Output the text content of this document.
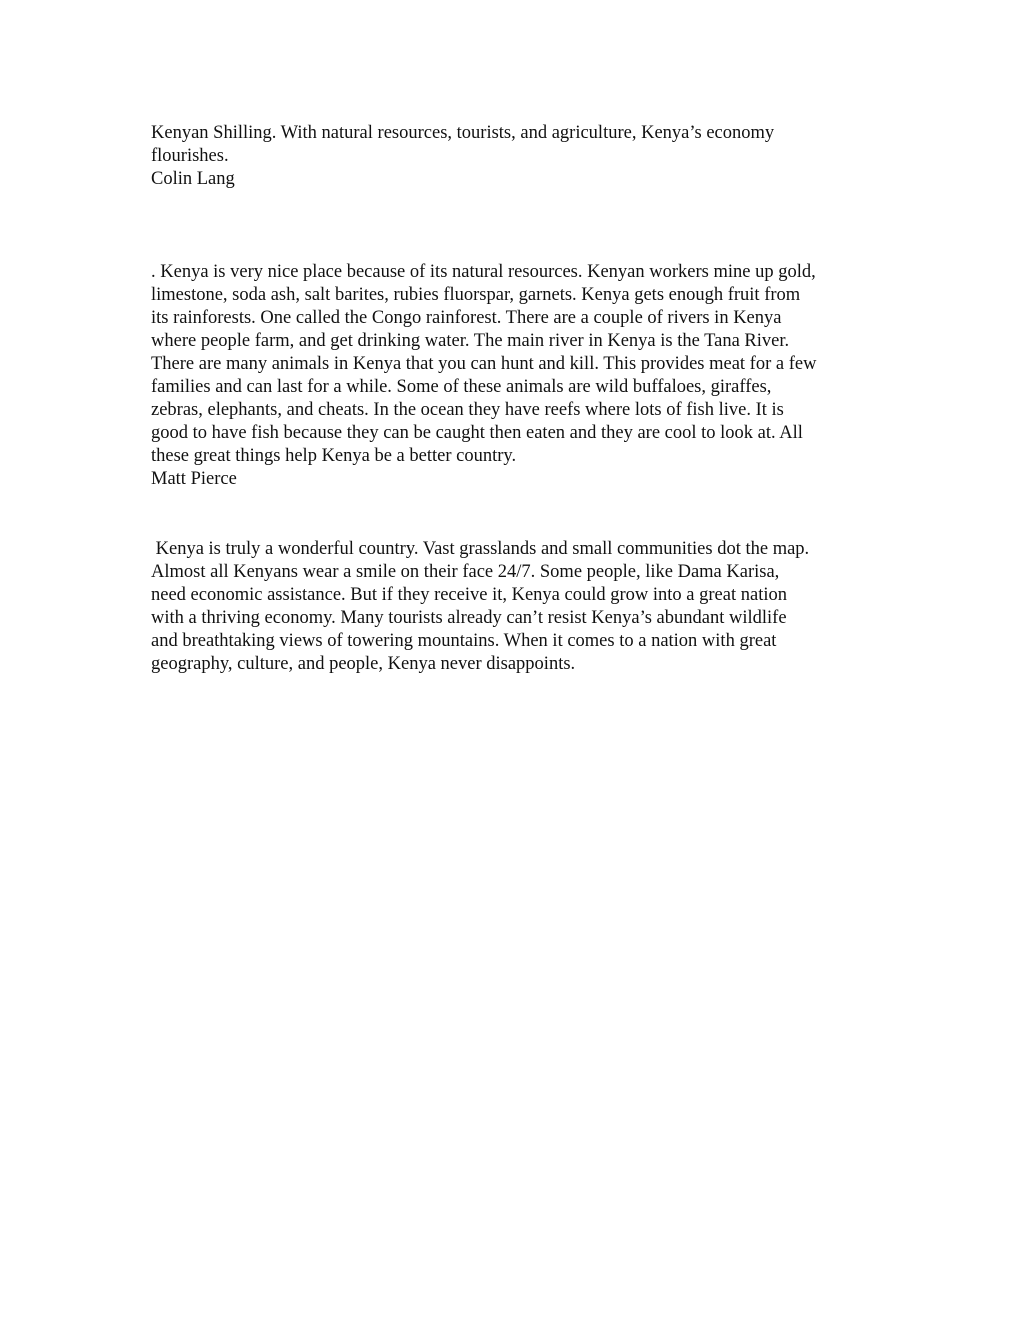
Kenyan Shilling. With natural resources, tourists, and agriculture, Kenya’s economy

flourishes.

Colin Lang

. Kenya is very nice place because of its natural resources. Kenyan workers mine up gold,

limestone, soda ash, salt barites, rubies fluorspar, garnets. Kenya gets enough fruit from

its rainforests. One called the Congo rainforest. There are a couple of rivers in Kenya

where people farm, and get drinking water. The main river in Kenya is the Tana River.

There are many animals in Kenya that you can hunt and kill. This provides meat for a few

families and can last for a while. Some of these animals are wild buffaloes, giraffes,

zebras, elephants, and cheats. In the ocean they have reefs where lots of fish live. It is

good to have fish because they can be caught then eaten and they are cool to look at. All

these great things help Kenya be a better country.

Matt Pierce

Kenya is truly a wonderful country. Vast grasslands and small communities dot the map.

Almost all Kenyans wear a smile on their face 24/7. Some people, like Dama Karisa,

need economic assistance. But if they receive it, Kenya could grow into a great nation

with a thriving economy. Many tourists already can’t resist Kenya’s abundant wildlife

and breathtaking views of towering mountains. When it comes to a nation with great

geography, culture, and people, Kenya never disappoints.
